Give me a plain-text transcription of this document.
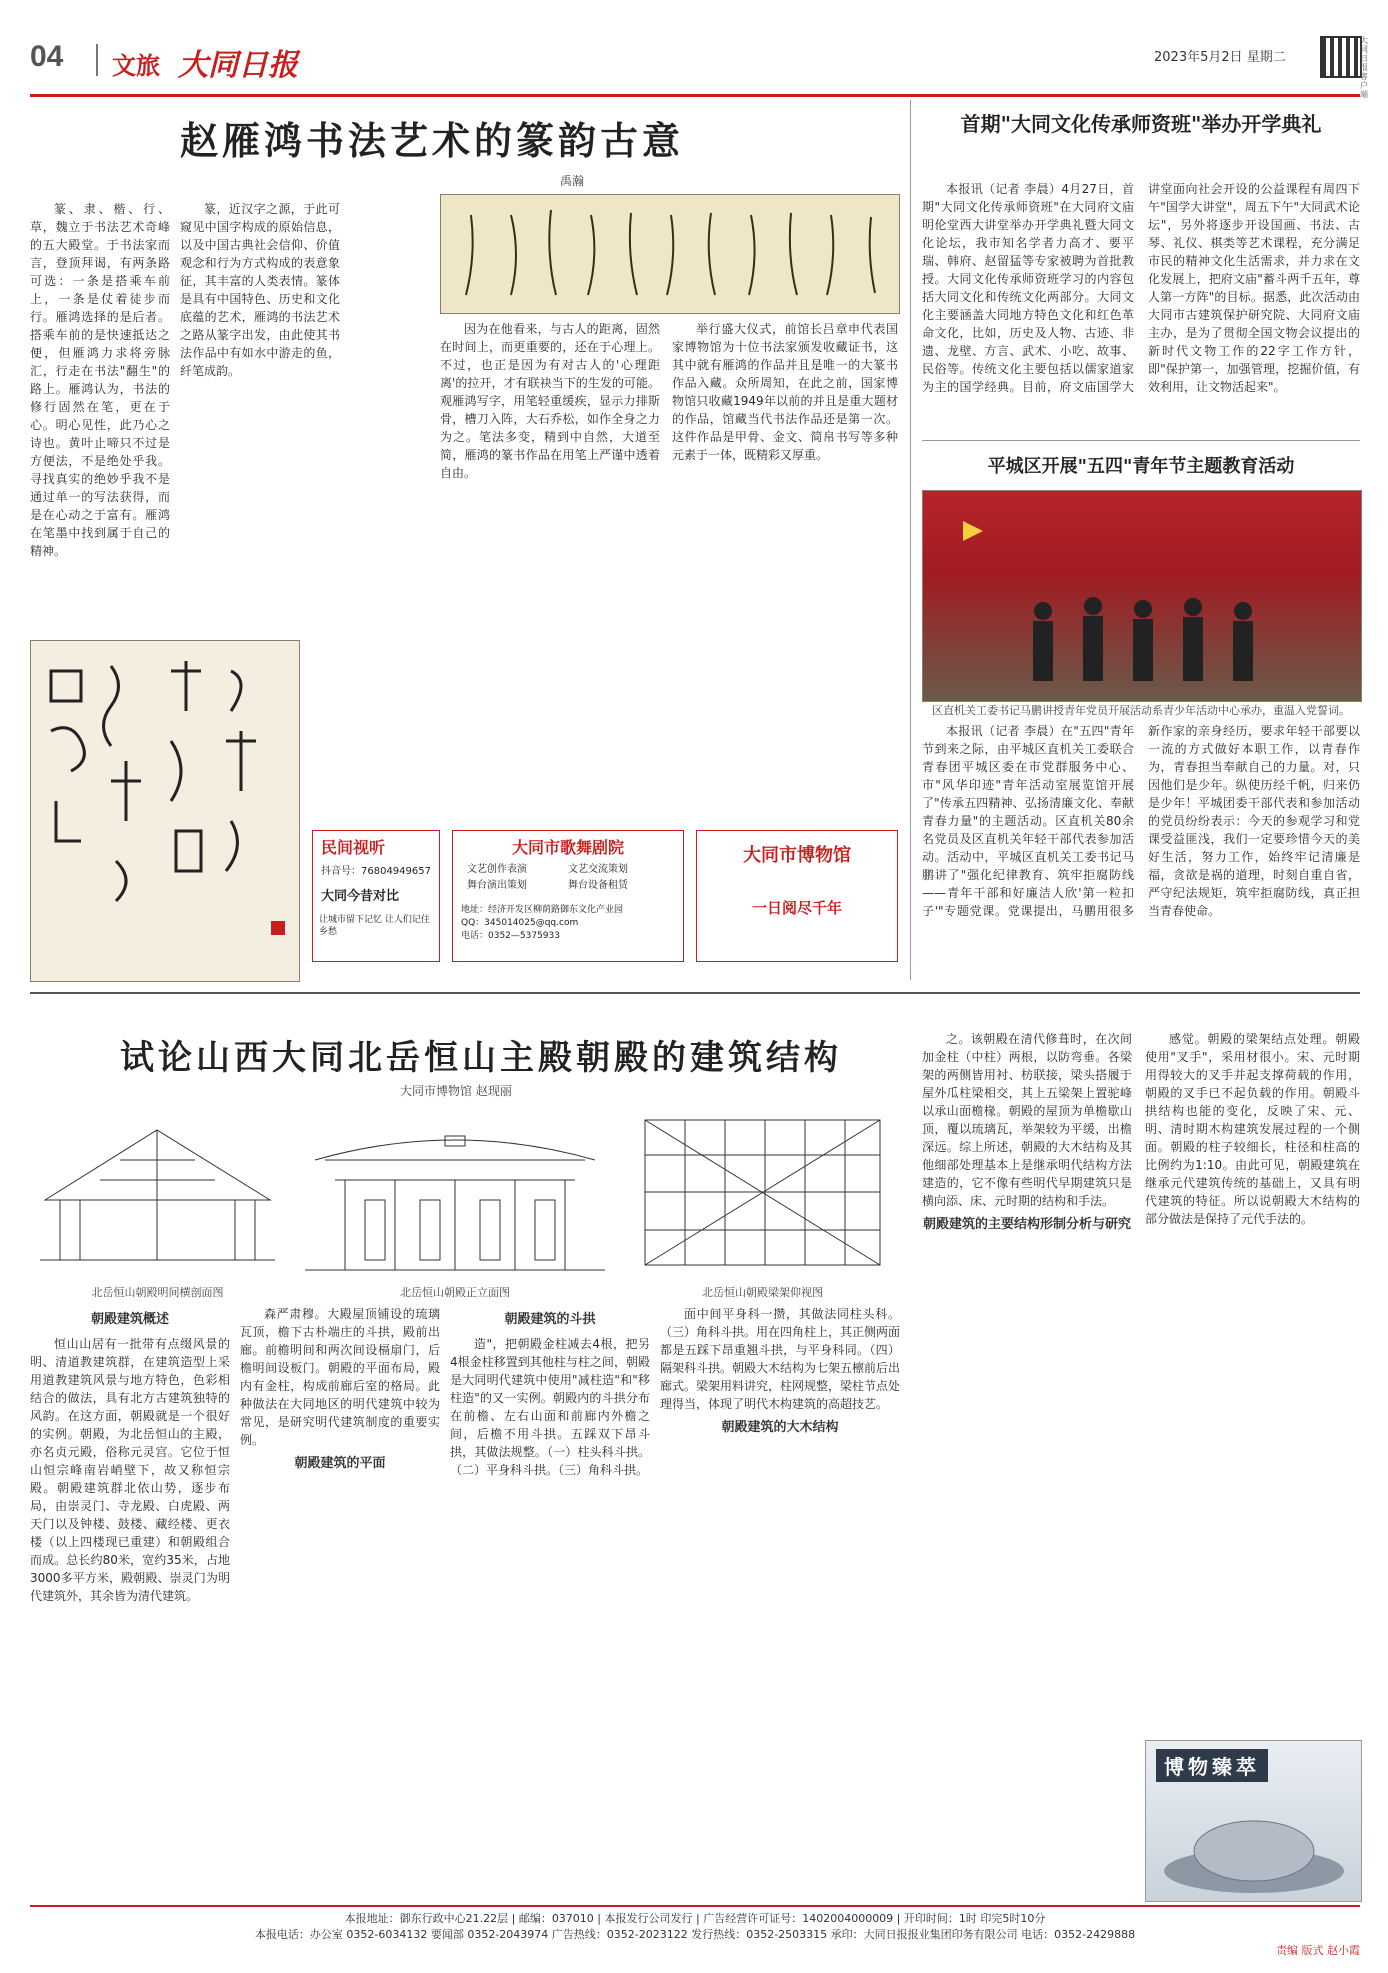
04 文旅 大同日报	2023年5月2日 星期二
大同日报客户端
赵雁鸿书法艺术的篆韵古意
禹瀚

篆、隶、楷、行、草，魏立于书法艺术奇峰的五大殿堂。于书法家而言，登顶拜谒，有两条路可选：一条是搭乘车前上，一条是仗着徒步而行。雁鸿选择的是后者。搭乘车前的是快速抵达之便，但雁鸿力求将旁脉汇，行走在书法"翻生"的路上。雁鸿认为，书法的修行固然在笔，更在于心。明心见性，此乃心之诗也。黄叶止啼只不过是方便法，不是绝处乎我。寻找真实的绝妙乎我不是通过单一的写法获得，而是在心动之于富有。雁鸿在笔墨中找到属于自己的精神。

篆，近汉字之源，于此可窥见中国字构成的原始信息，以及中国古典社会信仰、价值观念和行为方式构成的表意象征，其丰富的人类表情。篆体是具有中国特色、历史和文化底蕴的艺术，雁鸿的书法艺术之路从篆字出发，由此使其书法作品中有如水中游走的鱼，纤笔成韵。

因为在他看来，与古人的距离，固然在时间上，而更重要的，还在于心理上。不过，也正是因为有对古人的'心理距离'的拉开，才有联袂当下的生发的可能。观雁鸿写字，用笔轻重缓疾，显示力排斯骨，槽刀入阵，大石乔松，如作全身之力为之。笔法多变，精到中自然，大道至简，雁鸿的篆书作品在用笔上严谨中透着自由。

举行盛大仪式，前馆长吕章申代表国家博物馆为十位书法家颁发收藏证书，这其中就有雁鸿的作品并且是唯一的大篆书作品入藏。众所周知，在此之前，国家博物馆只收藏1949年以前的并且是重大题材的作品，馆藏当代书法作品还是第一次。这件作品是甲骨、金文、简帛书写等多种元素于一体，既精彩又厚重。

民间视听
抖音号：76804949657
大同今昔对比
让城市留下记忆 让人们记住乡愁
大同市歌舞剧院
文艺创作表演	文艺交流策划
舞台演出策划	舞台设备租赁
地址：经济开发区柳荫路御东文化产业园
QQ：345014025@qq.com
电话：0352—5375933
大同市博物馆
一日阅尽千年
首期"大同文化传承师资班"举办开学典礼

本报讯（记者 李晨）4月27日，首期"大同文化传承师资班"在大同府文庙明伦堂西大讲堂举办开学典礼暨大同文化论坛，我市知名学者力高才、要平瑞、韩府、赵留猛等专家被聘为首批教授。大同文化传承师资班学习的内容包括大同文化和传统文化两部分。大同文化主要涵盖大同地方特色文化和红色革命文化，比如，历史及人物、古迹、非遗、龙壁、方言、武术、小吃、故事、民俗等。传统文化主要包括以儒家道家为主的国学经典。目前，府文庙国学大讲堂面向社会开设的公益课程有周四下午"国学大讲堂"，周五下午"大同武术论坛"，另外将逐步开设国画、书法、古琴、礼仪、棋类等艺术课程，充分满足市民的精神文化生活需求，并力求在文化发展上，把府文庙"蓄斗两千五年，尊人第一方阵"的目标。据悉，此次活动由大同市古建筑保护研究院、大同府文庙主办，是为了贯彻全国文物会议提出的新时代文物工作的22字工作方针，即"保护第一，加强管理，挖掘价值，有效利用，让文物活起来"。

平城区开展"五四"青年节主题教育活动
区直机关工委书记马鹏讲授青年党员开展活动系青少年活动中心承办，重温入党誓词。

本报讯（记者 李晨）在"五四"青年节到来之际，由平城区直机关工委联合青春团平城区委在市党群服务中心、市"风华印迹"青年活动室展览馆开展了"传承五四精神、弘扬清廉文化、奉献青春力量"的主题活动。区直机关80余名党员及区直机关年轻干部代表参加活动。活动中，平城区直机关工委书记马鹏讲了"强化纪律教育、筑牢拒腐防线——青年干部和好廉洁人欣'第一粒扣子'"专题党课。党课提出，马鹏用很多新作家的亲身经历，要求年轻干部要以一流的方式做好本职工作，以青春作为，青春担当奉献自己的力量。对，只因他们是少年。纵使历经千帆，归来仍是少年！平城团委干部代表和参加活动的党员纷纷表示：今天的参观学习和党课受益匪浅，我们一定要珍惜今天的美好生活，努力工作，始终牢记清廉是福，贪欲是祸的道理，时刻自重自省，严守纪法规矩，筑牢拒腐防线，真正担当青春使命。

试论山西大同北岳恒山主殿朝殿的建筑结构
大同市博物馆 赵现丽
北岳恒山朝殿明间横剖面图	北岳恒山朝殿正立面图	北岳恒山朝殿梁架仰视图
朝殿建筑概述

恒山山居有一批带有点缀风景的明、清道教建筑群，在建筑造型上采用道教建筑风景与地方特色，色彩相结合的做法，具有北方古建筑独特的风韵。在这方面，朝殿就是一个很好的实例。朝殿，为北岳恒山的主殿，亦名贞元殿，俗称元灵宫。它位于恒山恒宗峰南岩峭壁下，故又称恒宗殿。朝殿建筑群北依山势，逐步布局，由崇灵门、寺龙殿、白虎殿、两天门以及钟楼、鼓楼、藏经楼、更衣楼（以上四楼现已重建）和朝殿组合而成。总长约80米，宽约35米，占地3000多平方米，殿朝殿、崇灵门为明代建筑外，其余皆为清代建筑。

森严肃穆。大殿屋顶铺设的琉璃瓦顶，檐下古朴端庄的斗拱，殿前出廊。前檐明间和两次间设槅扇门，后檐明间设板门。朝殿的平面布局，殿内有金柱，构成前廊后室的格局。此种做法在大同地区的明代建筑中较为常见，是研究明代建筑制度的重要实例。

朝殿建筑的平面
朝殿建筑的斗拱

造"，把朝殿金柱减去4根，把另4根金柱移置到其他柱与柱之间，朝殿是大同明代建筑中使用"减柱造"和"移柱造"的又一实例。朝殿内的斗拱分布在前檐、左右山面和前廊内外檐之间，后檐不用斗拱。五踩双下昂斗拱，其做法规整。（一）柱头科斗拱。（二）平身科斗拱。（三）角科斗拱。

面中间平身科一攒，其做法同柱头科。（三）角科斗拱。用在四角柱上，其正侧两面都是五踩下昂重翘斗拱，与平身科同。（四）隔架科斗拱。朝殿大木结构为七架五檩前后出廊式。梁架用料讲究，柱网规整，梁柱节点处理得当，体现了明代木构建筑的高超技艺。

朝殿建筑的大木结构

之。该朝殿在清代修葺时，在次间加金柱（中柱）两根，以防弯垂。各梁架的两侧皆用衬、枋联接，梁头搭履于屋外瓜柱梁相交，其上五梁架上置驼峰以承山面檐椽。朝殿的屋顶为单檐歇山顶，覆以琉璃瓦，举架较为平缓，出檐深远。综上所述，朝殿的大木结构及其他细部处理基本上是继承明代结构方法建造的，它不像有些明代早期建筑只是横向添、床、元时期的结构和手法。

朝殿建筑的主要结构形制分析与研究

感觉。朝殿的梁架结点处理。朝殿使用"叉手"，采用材很小。宋、元时期用得较大的叉手并起支撑荷载的作用，朝殿的叉手已不起负载的作用。朝殿斗拱结构也能的变化，反映了宋、元、明、清时期木构建筑发展过程的一个侧面。朝殿的柱子较细长，柱径和柱高的比例约为1:10。由此可见，朝殿建筑在继承元代建筑传统的基础上，又具有明代建筑的特征。所以说朝殿大木结构的部分做法是保持了元代手法的。

博物臻萃
本报地址：御东行政中心21.22层 | 邮编：037010 | 本报发行公司发行 | 广告经营许可证号：1402004000009 | 开印时间：1时 印完5时10分
本报电话：办公室 0352-6034132 要闻部 0352-2043974 广告热线：0352-2023122 发行热线：0352-2503315 承印：大同日报报业集团印务有限公司 电话：0352-2429888
责编 版式 赵小霞
